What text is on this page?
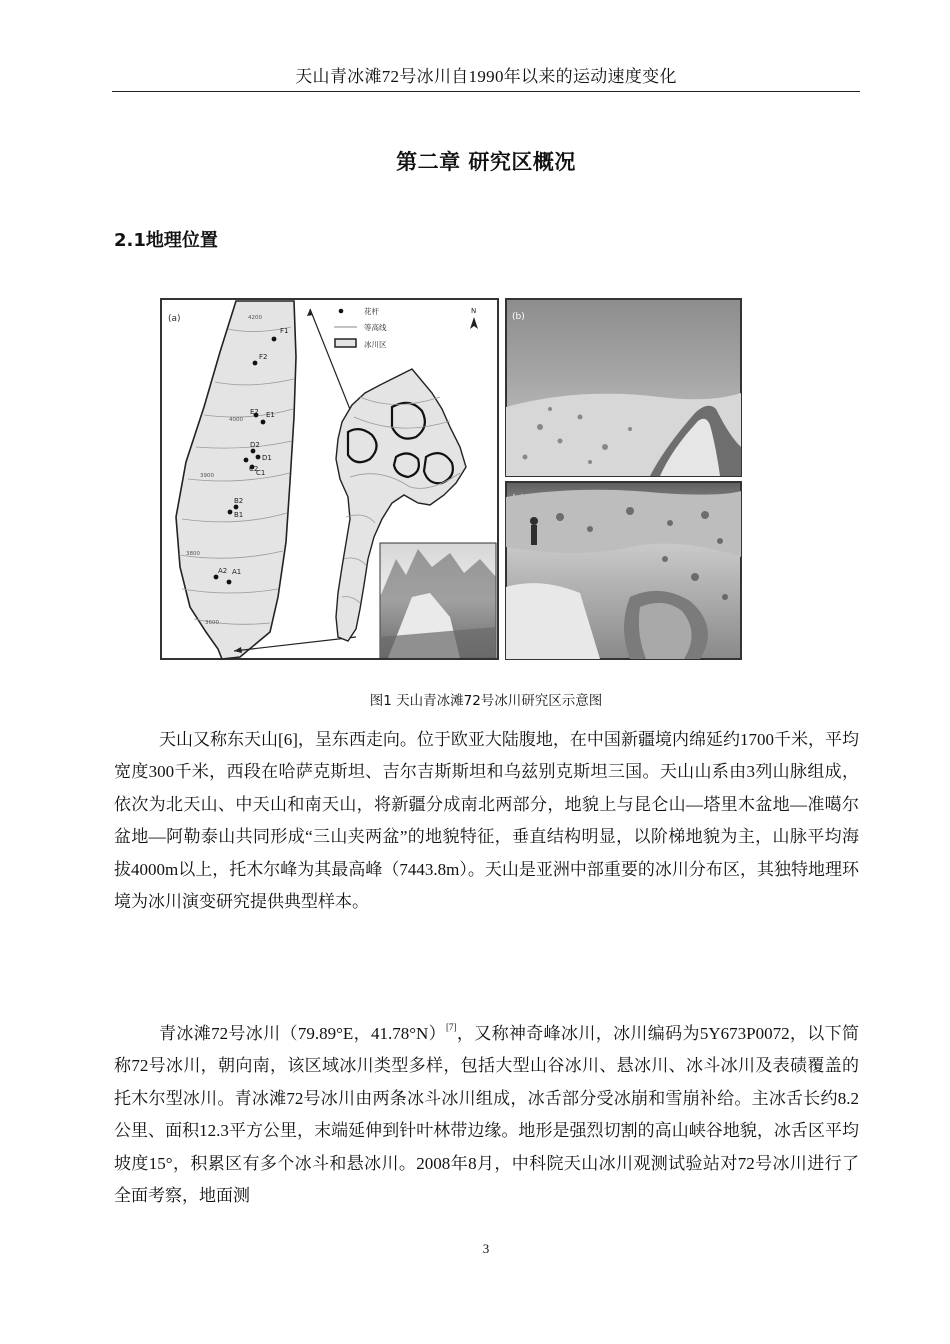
天山青冰滩72号冰川自1990年以来的运动速度变化
第二章 研究区概况
2.1地理位置
(a)	4200
4000
3900
3800
3600
F1
F2
E2 E1
D2
D1
C2
C1
B2
B1
A2 A1
花杆
等高线
冰川区
N
(b)
图1 天山青冰滩72号冰川研究区示意图

天山又称东天山[6]，呈东西走向。位于欧亚大陆腹地，在中国新疆境内绵延约1700千米，平均宽度300千米，西段在哈萨克斯坦、吉尔吉斯斯坦和乌兹别克斯坦三国。天山山系由3列山脉组成，依次为北天山、中天山和南天山，将新疆分成南北两部分，地貌上与昆仑山—塔里木盆地—准噶尔盆地—阿勒泰山共同形成“三山夹两盆”的地貌特征，垂直结构明显，以阶梯地貌为主，山脉平均海拔4000m以上，托木尔峰为其最高峰（7443.8m）。天山是亚洲中部重要的冰川分布区，其独特地理环境为冰川演变研究提供典型样本。

青冰滩72号冰川（79.89°E，41.78°N）[7]，又称神奇峰冰川，冰川编码为5Y673P0072，以下简称72号冰川，朝向南，该区域冰川类型多样，包括大型山谷冰川、悬冰川、冰斗冰川及表碛覆盖的托木尔型冰川。青冰滩72号冰川由两条冰斗冰川组成，冰舌部分受冰崩和雪崩补给。主冰舌长约8.2公里、面积12.3平方公里，末端延伸到针叶林带边缘。地形是强烈切割的高山峡谷地貌，冰舌区平均坡度15°，积累区有多个冰斗和悬冰川。2008年8月，中科院天山冰川观测试验站对72号冰川进行了全面考察，地面测

3
